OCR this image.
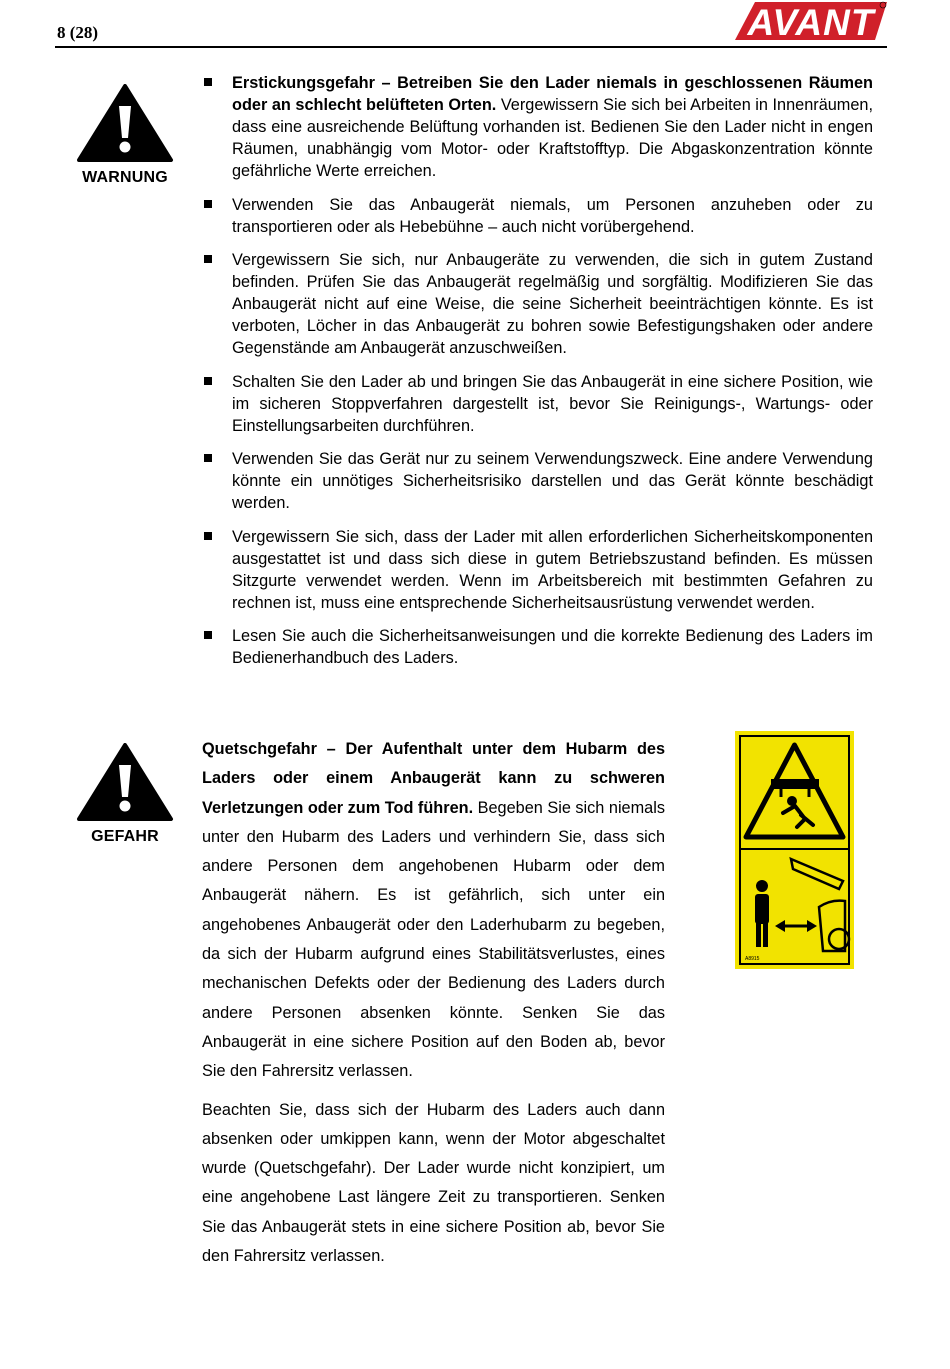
8 (28)	AVANT
WARNUNG
Erstickungsgefahr – Betreiben Sie den Lader niemals in geschlossenen Räumen oder an schlecht belüfteten Orten. Vergewissern Sie sich bei Arbeiten in Innenräumen, dass eine ausreichende Belüftung vorhanden ist. Bedienen Sie den Lader nicht in engen Räumen, unabhängig vom Motor- oder Kraftstofftyp. Die Abgaskonzentration könnte gefährliche Werte erreichen.
Verwenden Sie das Anbaugerät niemals, um Personen anzuheben oder zu transportieren oder als Hebebühne – auch nicht vorübergehend.
Vergewissern Sie sich, nur Anbaugeräte zu verwenden, die sich in gutem Zustand befinden. Prüfen Sie das Anbaugerät regelmäßig und sorgfältig. Modifizieren Sie das Anbaugerät nicht auf eine Weise, die seine Sicherheit beeinträchtigen könnte. Es ist verboten, Löcher in das Anbaugerät zu bohren sowie Befestigungshaken oder andere Gegenstände am Anbaugerät anzuschweißen.
Schalten Sie den Lader ab und bringen Sie das Anbaugerät in eine sichere Position, wie im sicheren Stoppverfahren dargestellt ist, bevor Sie Reinigungs-, Wartungs- oder Einstellungsarbeiten durchführen.
Verwenden Sie das Gerät nur zu seinem Verwendungszweck. Eine andere Verwendung könnte ein unnötiges Sicherheitsrisiko darstellen und das Gerät könnte beschädigt werden.
Vergewissern Sie sich, dass der Lader mit allen erforderlichen Sicherheitskomponenten ausgestattet ist und dass sich diese in gutem Betriebszustand befinden. Es müssen Sitzgurte verwendet werden. Wenn im Arbeitsbereich mit bestimmten Gefahren zu rechnen ist, muss eine entsprechende Sicherheitsausrüstung verwendet werden.
Lesen Sie auch die Sicherheitsanweisungen und die korrekte Bedienung des Laders im Bedienerhandbuch des Laders.
GEFAHR

Quetschgefahr – Der Aufenthalt unter dem Hubarm des Laders oder einem Anbaugerät kann zu schweren Verletzungen oder zum Tod führen. Begeben Sie sich niemals unter den Hubarm des Laders und verhindern Sie, dass sich andere Personen dem angehobenen Hubarm oder dem Anbaugerät nähern. Es ist gefährlich, sich unter ein angehobenes Anbaugerät oder den Laderhubarm zu begeben, da sich der Hubarm aufgrund eines Stabilitätsverlustes, eines mechanischen Defekts oder der Bedienung des Laders durch andere Personen absenken könnte. Senken Sie das Anbaugerät in eine sichere Position auf den Boden ab, bevor Sie den Fahrersitz verlassen.

Beachten Sie, dass sich der Hubarm des Laders auch dann absenken oder umkippen kann, wenn der Motor abgeschaltet wurde (Quetschgefahr). Der Lader wurde nicht konzipiert, um eine angehobene Last längere Zeit zu transportieren. Senken Sie das Anbaugerät stets in eine sichere Position ab, bevor Sie den Fahrersitz verlassen.

A8915
